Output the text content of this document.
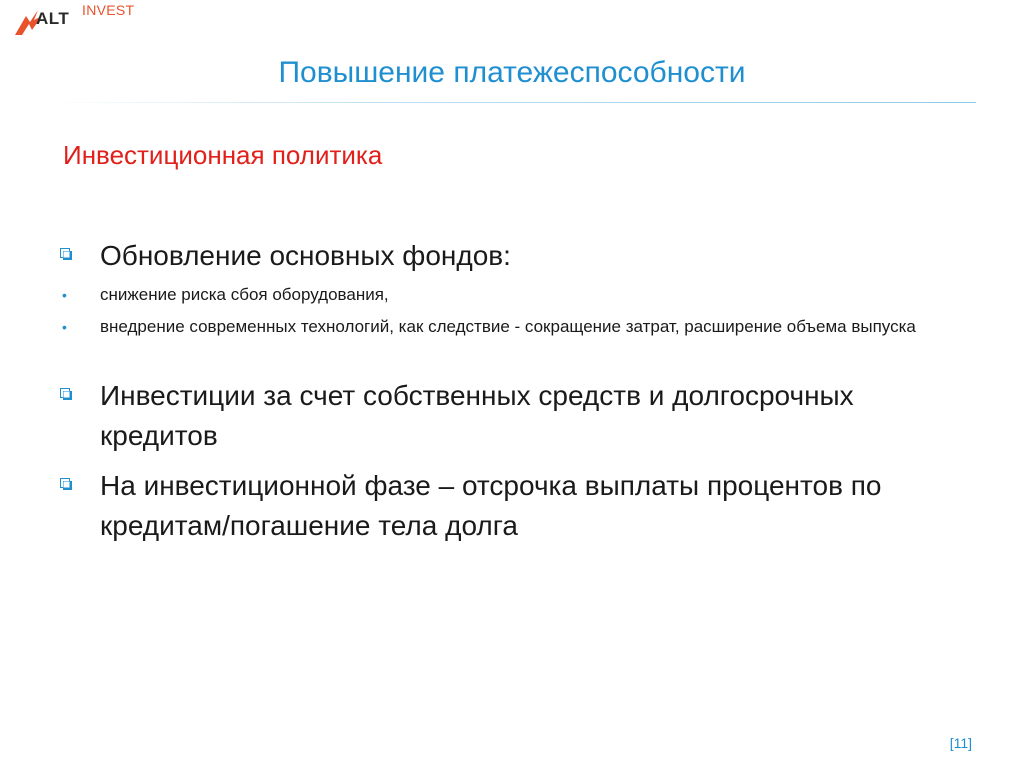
ALT INVEST
Повышение платежеспособности
Инвестиционная политика
Обновление основных фондов:
• снижение риска сбоя оборудования,
• внедрение современных технологий, как следствие - сокращение затрат, расширение объема выпуска
Инвестиции за счет собственных средств и долгосрочных кредитов
На инвестиционной фазе – отсрочка выплаты процентов по кредитам/погашение тела долга
[11]
